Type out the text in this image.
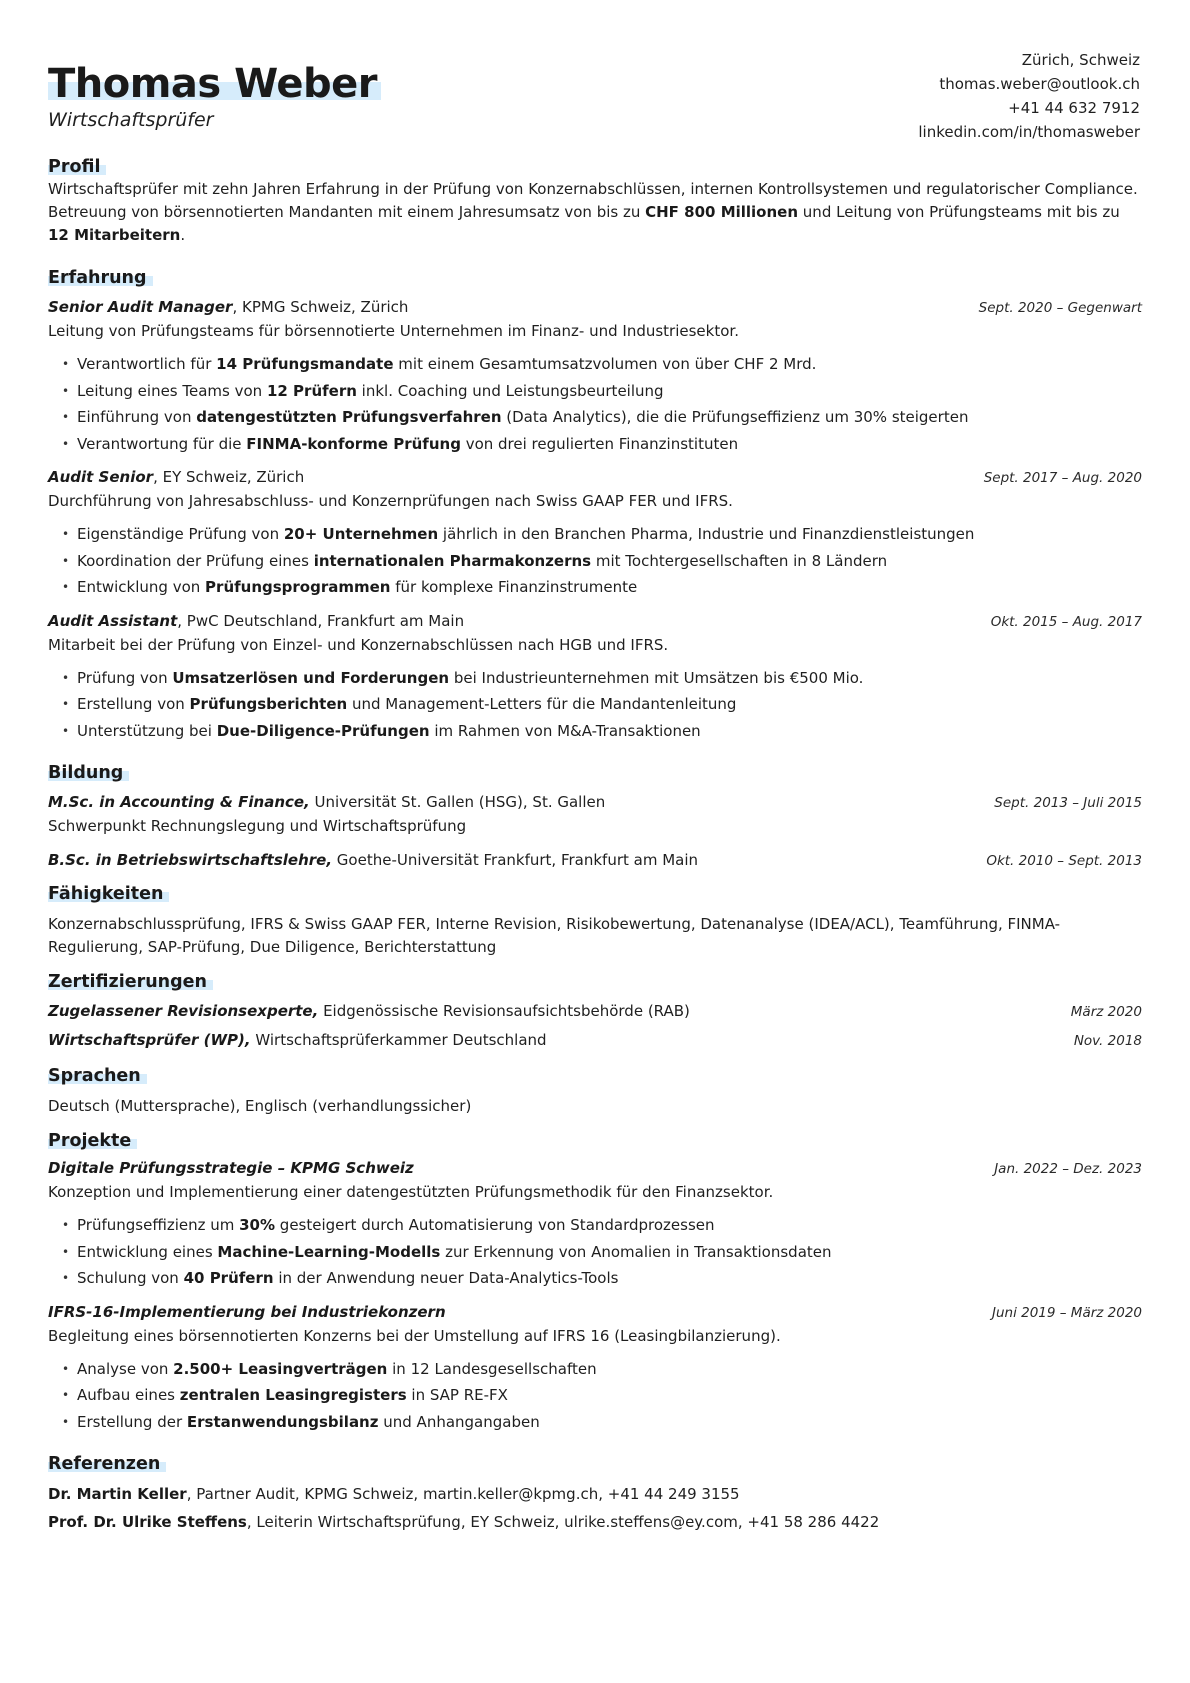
Thomas Weber
Wirtschaftsprüfer
Zürich, Schweiz
thomas.weber@outlook.ch
+41 44 632 7912
linkedin.com/in/thomasweber
Profil

Wirtschaftsprüfer mit zehn Jahren Erfahrung in der Prüfung von Konzernabschlüssen, internen Kontrollsystemen und regulatorischer Compliance. Betreuung von börsennotierten Mandanten mit einem Jahresumsatz von bis zu CHF 800 Millionen und Leitung von Prüfungsteams mit bis zu 12 Mitarbeitern.

Erfahrung
Senior Audit Manager, KPMG Schweiz, Zürich	Sept. 2020 – Gegenwart

Leitung von Prüfungsteams für börsennotierte Unternehmen im Finanz- und Industriesektor.

• Verantwortlich für 14 Prüfungsmandate mit einem Gesamtumsatzvolumen von über CHF 2 Mrd.
• Leitung eines Teams von 12 Prüfern inkl. Coaching und Leistungsbeurteilung
• Einführung von datengestützten Prüfungsverfahren (Data Analytics), die die Prüfungseffizienz um 30% steigerten
• Verantwortung für die FINMA-konforme Prüfung von drei regulierten Finanzinstituten
Audit Senior, EY Schweiz, Zürich	Sept. 2017 – Aug. 2020

Durchführung von Jahresabschluss- und Konzernprüfungen nach Swiss GAAP FER und IFRS.

• Eigenständige Prüfung von 20+ Unternehmen jährlich in den Branchen Pharma, Industrie und Finanzdienstleistungen
• Koordination der Prüfung eines internationalen Pharmakonzerns mit Tochtergesellschaften in 8 Ländern
• Entwicklung von Prüfungsprogrammen für komplexe Finanzinstrumente
Audit Assistant, PwC Deutschland, Frankfurt am Main	Okt. 2015 – Aug. 2017

Mitarbeit bei der Prüfung von Einzel- und Konzernabschlüssen nach HGB und IFRS.

• Prüfung von Umsatzerlösen und Forderungen bei Industrieunternehmen mit Umsätzen bis €500 Mio.
• Erstellung von Prüfungsberichten und Management-Letters für die Mandantenleitung
• Unterstützung bei Due-Diligence-Prüfungen im Rahmen von M&A-Transaktionen
Bildung
M.Sc. in Accounting & Finance, Universität St. Gallen (HSG), St. Gallen	Sept. 2013 – Juli 2015

Schwerpunkt Rechnungslegung und Wirtschaftsprüfung

B.Sc. in Betriebswirtschaftslehre, Goethe-Universität Frankfurt, Frankfurt am Main	Okt. 2010 – Sept. 2013
Fähigkeiten

Konzernabschlussprüfung, IFRS & Swiss GAAP FER, Interne Revision, Risikobewertung, Datenanalyse (IDEA/ACL), Teamführung, FINMA-Regulierung, SAP-Prüfung, Due Diligence, Berichterstattung

Zertifizierungen
Zugelassener Revisionsexperte, Eidgenössische Revisionsaufsichtsbehörde (RAB)	März 2020
Wirtschaftsprüfer (WP), Wirtschaftsprüferkammer Deutschland	Nov. 2018
Sprachen

Deutsch (Muttersprache), Englisch (verhandlungssicher)

Projekte
Digitale Prüfungsstrategie – KPMG Schweiz	Jan. 2022 – Dez. 2023

Konzeption und Implementierung einer datengestützten Prüfungsmethodik für den Finanzsektor.

• Prüfungseffizienz um 30% gesteigert durch Automatisierung von Standardprozessen
• Entwicklung eines Machine-Learning-Modells zur Erkennung von Anomalien in Transaktionsdaten
• Schulung von 40 Prüfern in der Anwendung neuer Data-Analytics-Tools
IFRS-16-Implementierung bei Industriekonzern	Juni 2019 – März 2020

Begleitung eines börsennotierten Konzerns bei der Umstellung auf IFRS 16 (Leasingbilanzierung).

• Analyse von 2.500+ Leasingverträgen in 12 Landesgesellschaften
• Aufbau eines zentralen Leasingregisters in SAP RE-FX
• Erstellung der Erstanwendungsbilanz und Anhangangaben
Referenzen

Dr. Martin Keller, Partner Audit, KPMG Schweiz, martin.keller@kpmg.ch, +41 44 249 3155

Prof. Dr. Ulrike Steffens, Leiterin Wirtschaftsprüfung, EY Schweiz, ulrike.steffens@ey.com, +41 58 286 4422
